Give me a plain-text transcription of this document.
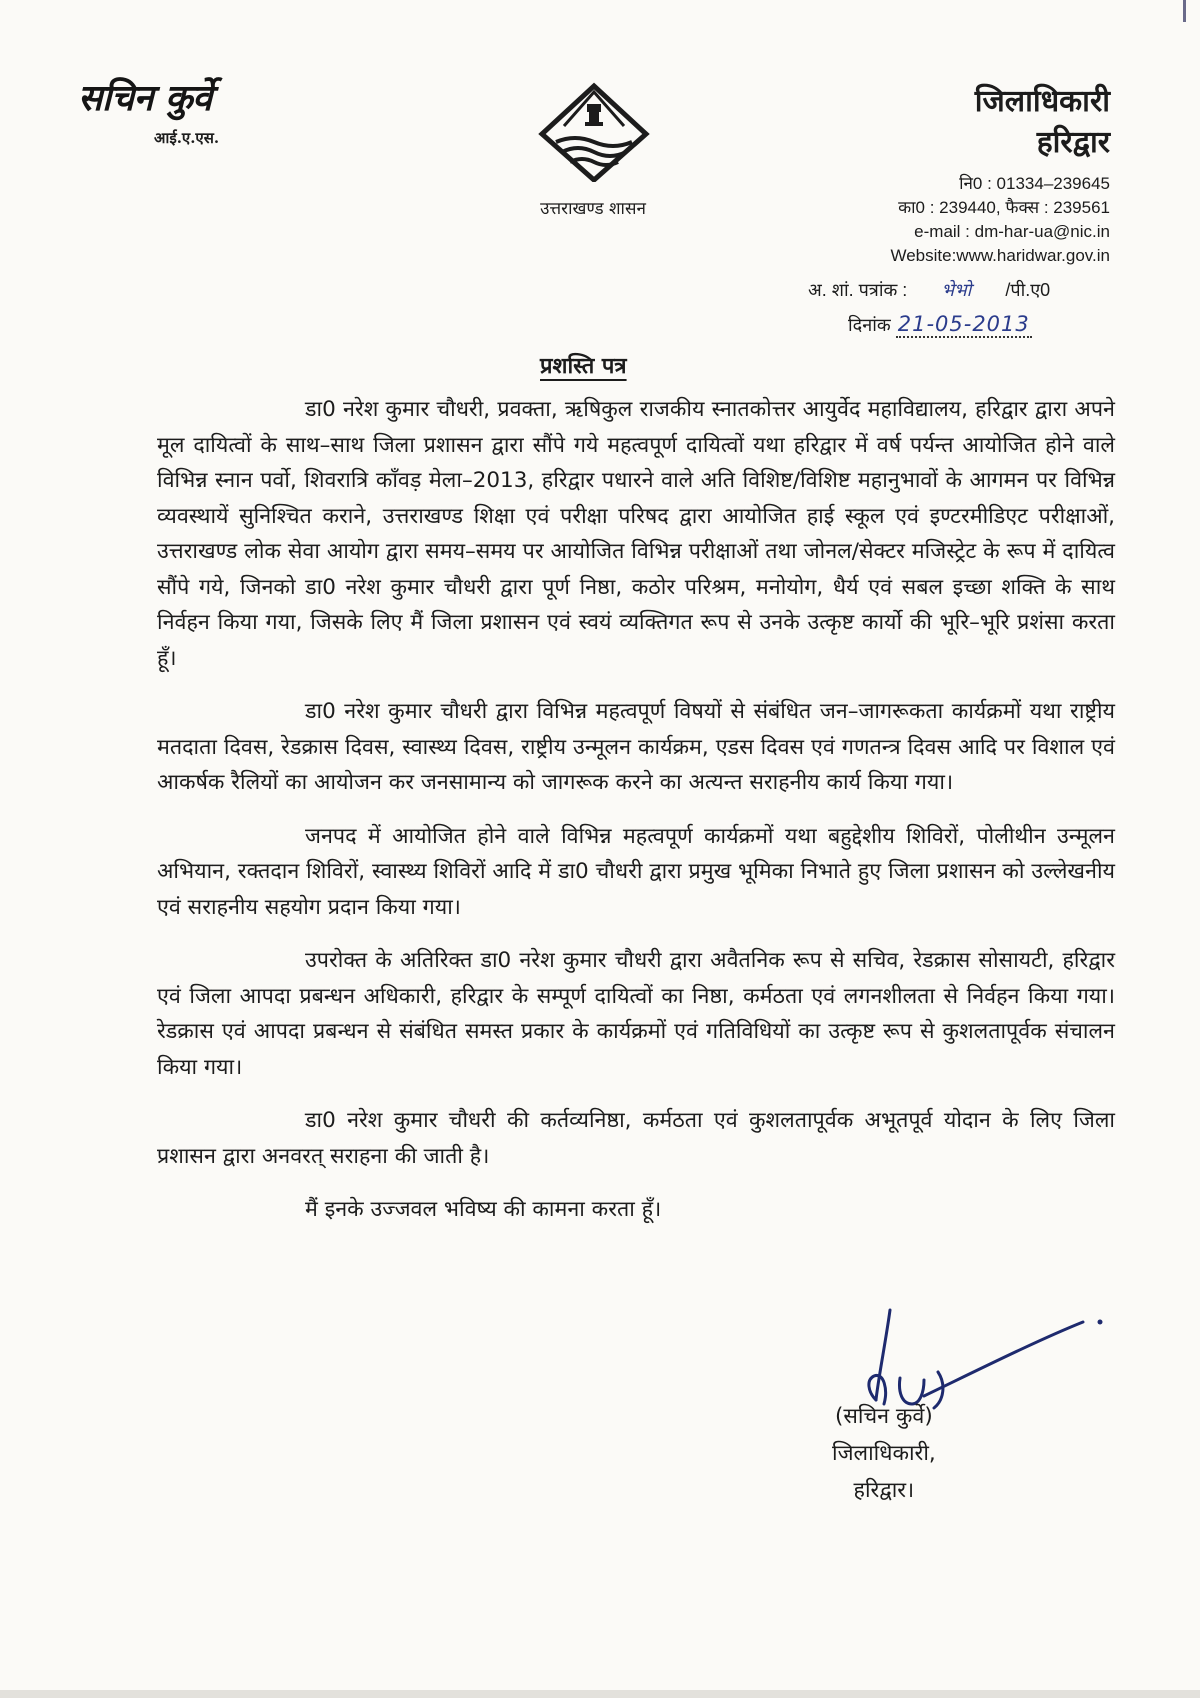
सचिन कुर्वे
आई.ए.एस.
उत्तराखण्ड शासन
जिलाधिकारी
हरिद्वार
नि0 : 01334–239645
का0 : 239440, फैक्स : 239561
e-mail : dm-har-ua@nic.in
Website:www.haridwar.gov.in
अ. शां. पत्रांक : भेभो /पी.ए0
दिनांक 21-05-2013
प्रशस्ति पत्र

डा0 नरेश कुमार चौधरी, प्रवक्ता, ऋषिकुल राजकीय स्नातकोत्तर आयुर्वेद महाविद्यालय, हरिद्वार द्वारा अपने मूल दायित्वों के साथ–साथ जिला प्रशासन द्वारा सौंपे गये महत्वपूर्ण दायित्वों यथा हरिद्वार में वर्ष पर्यन्त आयोजित होने वाले विभिन्न स्नान पर्वो, शिवरात्रि काँवड़ मेला–2013, हरिद्वार पधारने वाले अति विशिष्ट/विशिष्ट महानुभावों के आगमन पर विभिन्न व्यवस्थायें सुनिश्चित कराने, उत्तराखण्ड शिक्षा एवं परीक्षा परिषद द्वारा आयोजित हाई स्कूल एवं इण्टरमीडिएट परीक्षाओं, उत्तराखण्ड लोक सेवा आयोग द्वारा समय–समय पर आयोजित विभिन्न परीक्षाओं तथा जोनल/सेक्टर मजिस्ट्रेट के रूप में दायित्व सौंपे गये, जिनको डा0 नरेश कुमार चौधरी द्वारा पूर्ण निष्ठा, कठोर परिश्रम, मनोयोग, धैर्य एवं सबल इच्छा शक्ति के साथ निर्वहन किया गया, जिसके लिए मैं जिला प्रशासन एवं स्वयं व्यक्तिगत रूप से उनके उत्कृष्ट कार्यो की भूरि–भूरि प्रशंसा करता हूँ।

डा0 नरेश कुमार चौधरी द्वारा विभिन्न महत्वपूर्ण विषयों से संबंधित जन–जागरूकता कार्यक्रमों यथा राष्ट्रीय मतदाता दिवस, रेडक्रास दिवस, स्वास्थ्य दिवस, राष्ट्रीय उन्मूलन कार्यक्रम, एडस दिवस एवं गणतन्त्र दिवस आदि पर विशाल एवं आकर्षक रैलियों का आयोजन कर जनसामान्य को जागरूक करने का अत्यन्त सराहनीय कार्य किया गया।

जनपद में आयोजित होने वाले विभिन्न महत्वपूर्ण कार्यक्रमों यथा बहुद्देशीय शिविरों, पोलीथीन उन्मूलन अभियान, रक्तदान शिविरों, स्वास्थ्य शिविरों आदि में डा0 चौधरी द्वारा प्रमुख भूमिका निभाते हुए जिला प्रशासन को उल्लेखनीय एवं सराहनीय सहयोग प्रदान किया गया।

उपरोक्त के अतिरिक्त डा0 नरेश कुमार चौधरी द्वारा अवैतनिक रूप से सचिव, रेडक्रास सोसायटी, हरिद्वार एवं जिला आपदा प्रबन्धन अधिकारी, हरिद्वार के सम्पूर्ण दायित्वों का निष्ठा, कर्मठता एवं लगनशीलता से निर्वहन किया गया। रेडक्रास एवं आपदा प्रबन्धन से संबंधित समस्त प्रकार के कार्यक्रमों एवं गतिविधियों का उत्कृष्ट रूप से कुशलतापूर्वक संचालन किया गया।

डा0 नरेश कुमार चौधरी की कर्तव्यनिष्ठा, कर्मठता एवं कुशलतापूर्वक अभूतपूर्व योदान के लिए जिला प्रशासन द्वारा अनवरत् सराहना की जाती है।

मैं इनके उज्जवल भविष्य की कामना करता हूँ।

(सचिन कुर्वे)
जिलाधिकारी,
हरिद्वार।
